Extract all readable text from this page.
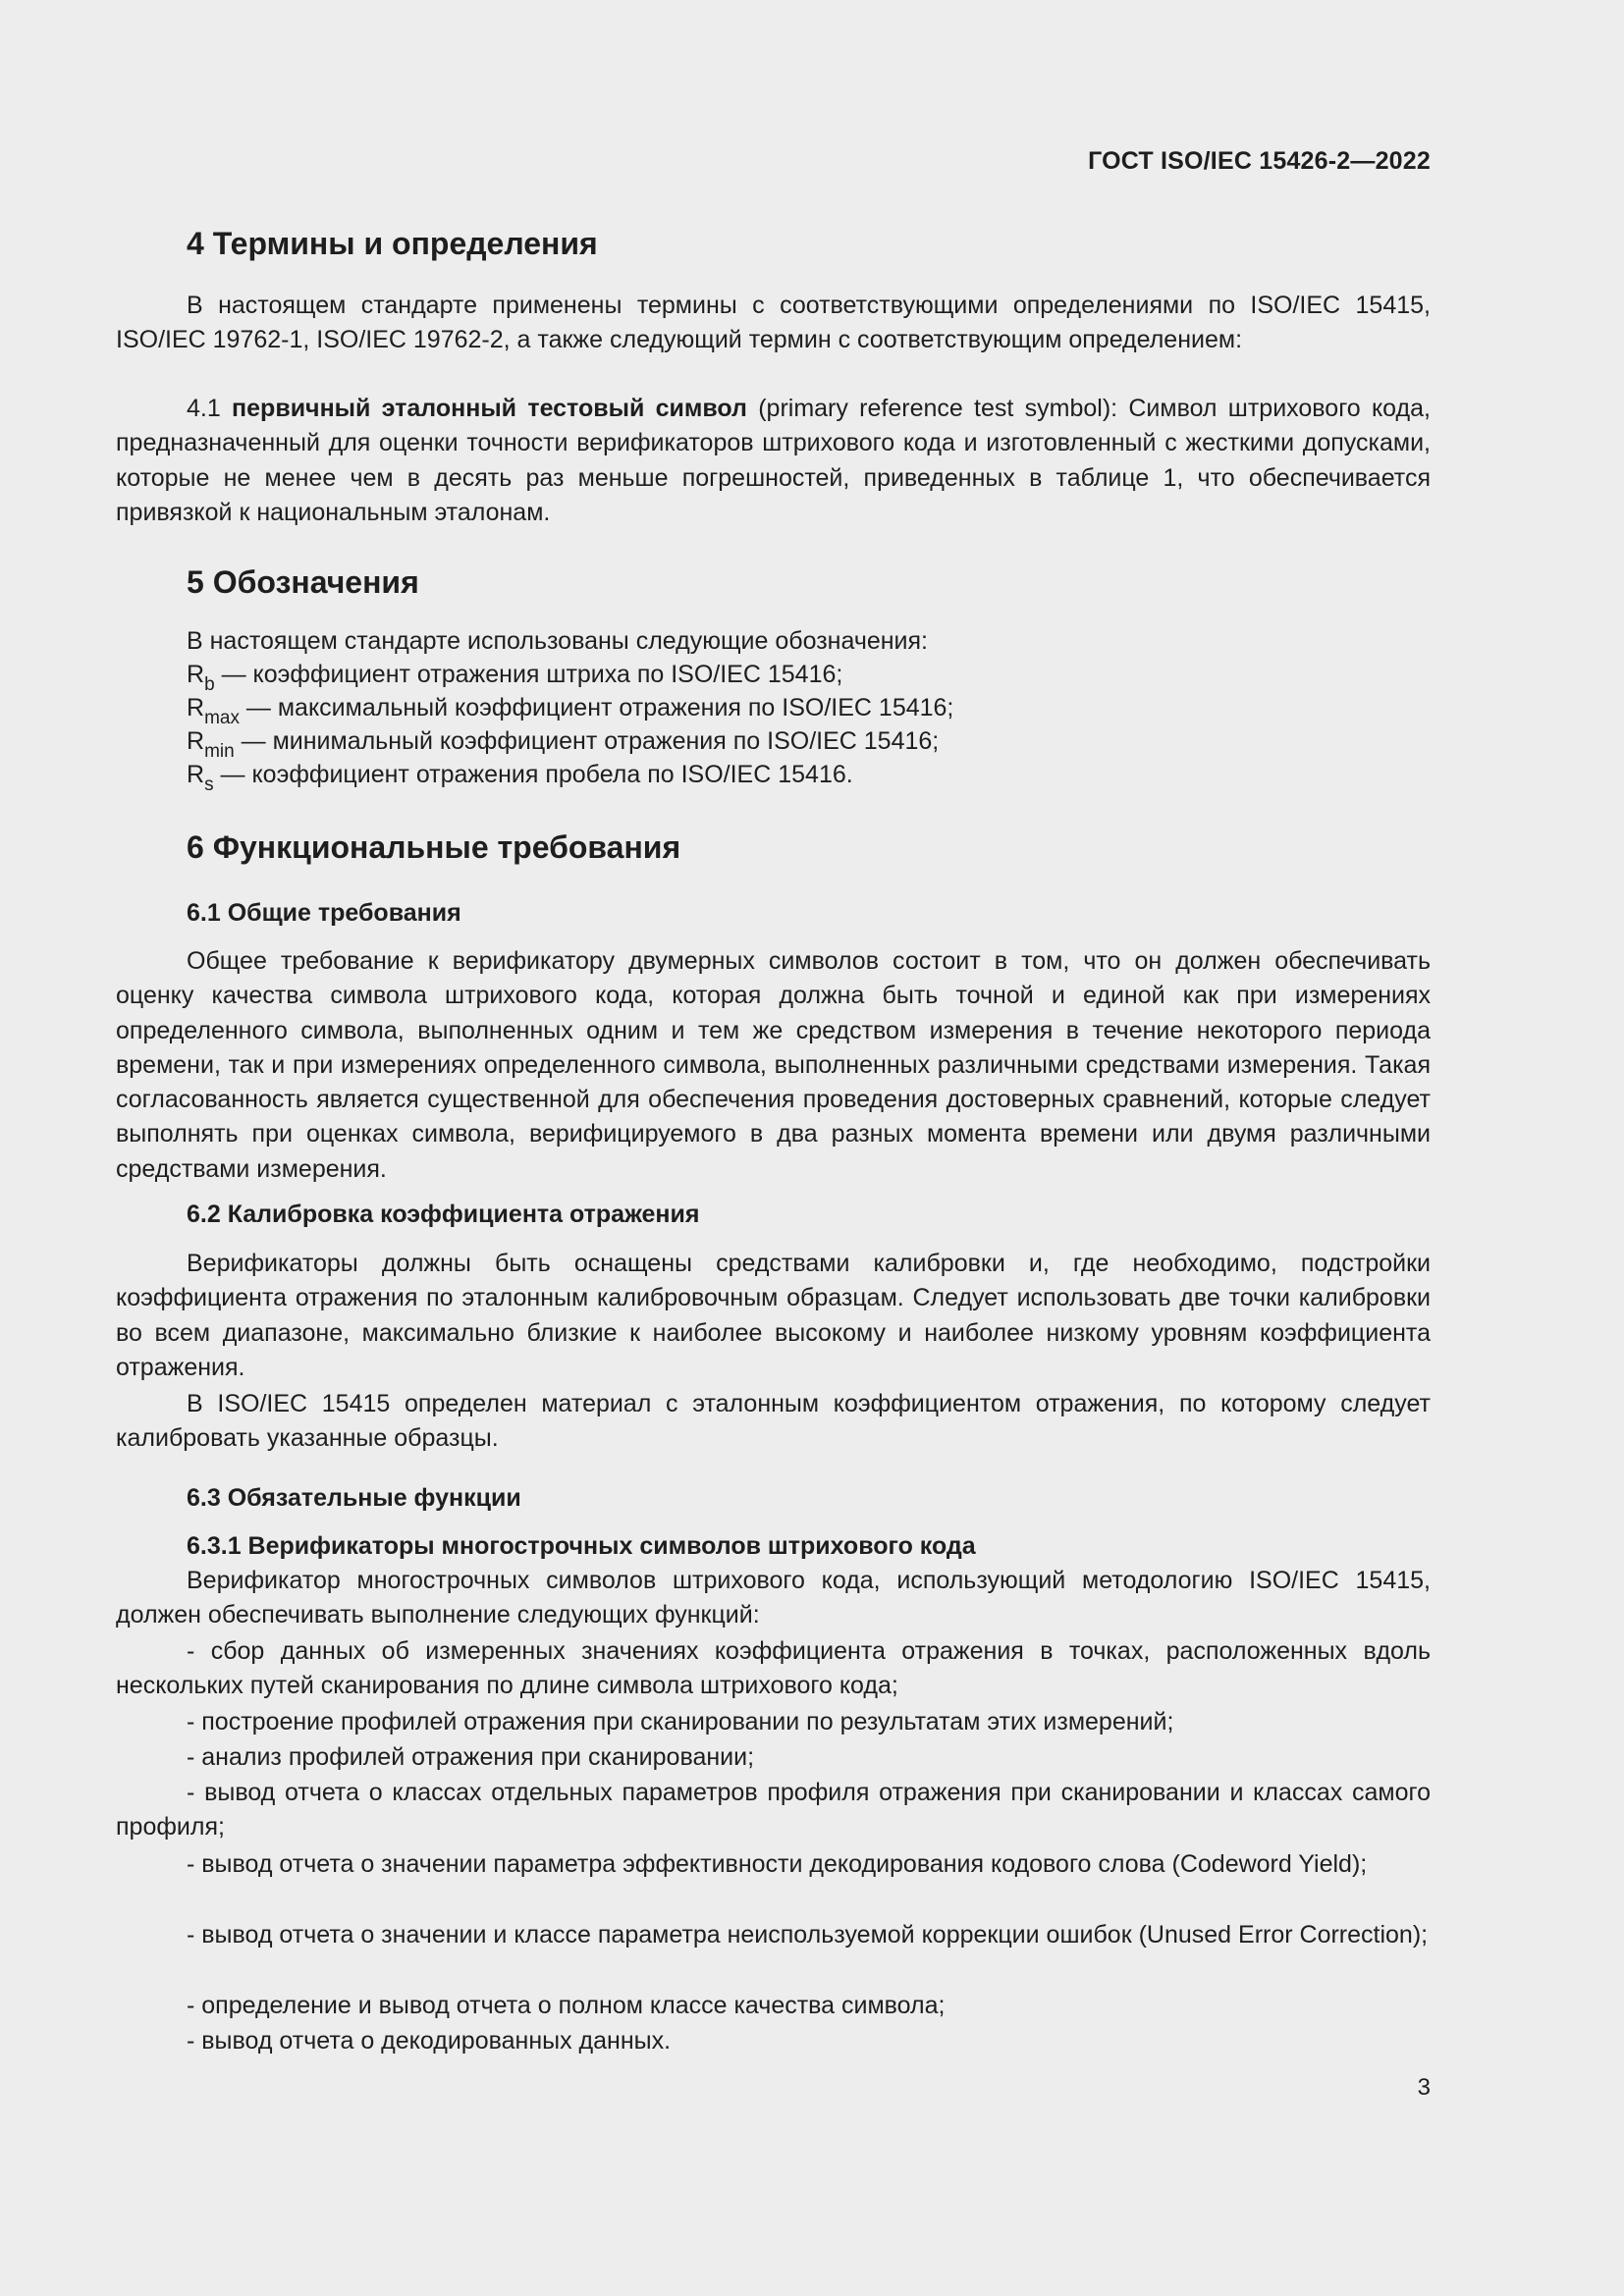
ГОСТ ISO/IEC 15426-2—2022
4 Термины и определения

В настоящем стандарте применены термины с соответствующими определениями по ISO/IEC 15415, ISO/IEC 19762-1, ISO/IEC 19762-2, а также следующий термин с соответствующим определением:

4.1 первичный эталонный тестовый символ (primary reference test symbol): Символ штрихового кода, предназначенный для оценки точности верификаторов штрихового кода и изготовленный с жесткими допусками, которые не менее чем в десять раз меньше погрешностей, приведенных в таблице 1, что обеспечивается привязкой к национальным эталонам.

5 Обозначения

В настоящем стандарте использованы следующие обозначения:

$R_b$ — коэффициент отражения штриха по ISO/IEC 15416;

$R_{max}$ — максимальный коэффициент отражения по ISO/IEC 15416;

$R_{min}$ — минимальный коэффициент отражения по ISO/IEC 15416;

$R_s$ — коэффициент отражения пробела по ISO/IEC 15416.

6 Функциональные требования
6.1 Общие требования

Общее требование к верификатору двумерных символов состоит в том, что он должен обеспечивать оценку качества символа штрихового кода, которая должна быть точной и единой как при измерениях определенного символа, выполненных одним и тем же средством измерения в течение некоторого периода времени, так и при измерениях определенного символа, выполненных различными средствами измерения. Такая согласованность является существенной для обеспечения проведения достоверных сравнений, которые следует выполнять при оценках символа, верифицируемого в два разных момента времени или двумя различными средствами измерения.

6.2 Калибровка коэффициента отражения

Верификаторы должны быть оснащены средствами калибровки и, где необходимо, подстройки коэффициента отражения по эталонным калибровочным образцам. Следует использовать две точки калибровки во всем диапазоне, максимально близкие к наиболее высокому и наиболее низкому уровням коэффициента отражения.

В ISO/IEC 15415 определен материал с эталонным коэффициентом отражения, по которому следует калибровать указанные образцы.

6.3 Обязательные функции
6.3.1 Верификаторы многострочных символов штрихового кода

Верификатор многострочных символов штрихового кода, использующий методологию ISO/IEC 15415, должен обеспечивать выполнение следующих функций:

- сбор данных об измеренных значениях коэффициента отражения в точках, расположенных вдоль нескольких путей сканирования по длине символа штрихового кода;

- построение профилей отражения при сканировании по результатам этих измерений;

- анализ профилей отражения при сканировании;

- вывод отчета о классах отдельных параметров профиля отражения при сканировании и классах самого профиля;

- вывод отчета о значении параметра эффективности декодирования кодового слова (Codeword Yield);

- вывод отчета о значении и классе параметра неиспользуемой коррекции ошибок (Unused Error Correction);

- определение и вывод отчета о полном классе качества символа;

- вывод отчета о декодированных данных.

3
